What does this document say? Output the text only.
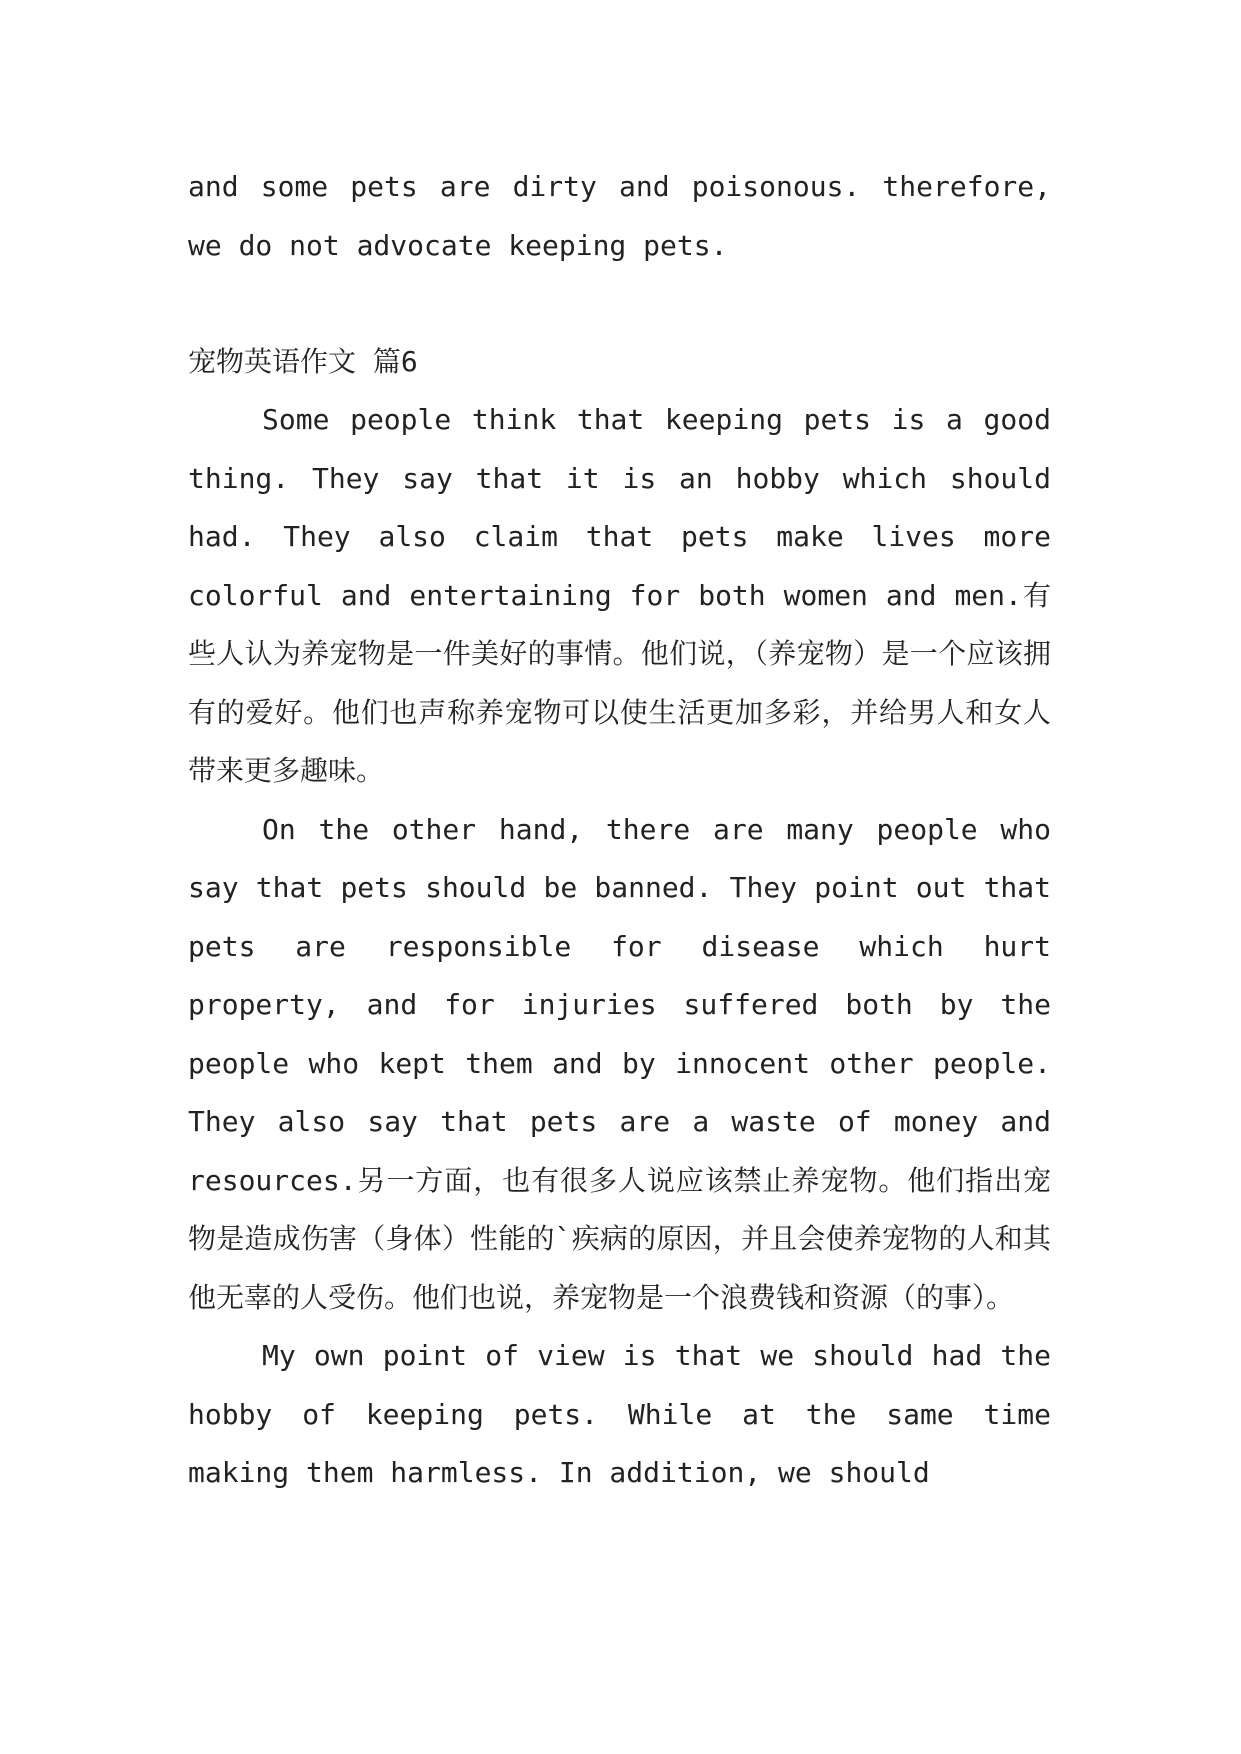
and some pets are dirty and poisonous. therefore, we do not advocate keeping pets.

宠物英语作文 篇6

Some people think that keeping pets is a good thing. They say that it is an hobby which should had. They also claim that pets make lives more colorful and entertaining for both women and men.有些人认为养宠物是一件美好的事情。他们说，（养宠物）是一个应该拥有的爱好。他们也声称养宠物可以使生活更加多彩，并给男人和女人带来更多趣味。

On the other hand, there are many people who say that pets should be banned. They point out that pets are responsible for disease which hurt property, and for injuries suffered both by the people who kept them and by innocent other people. They also say that pets are a waste of money and resources.另一方面，也有很多人说应该禁止养宠物。他们指出宠物是造成伤害（身体）性能的`疾病的原因，并且会使养宠物的人和其他无辜的人受伤。他们也说，养宠物是一个浪费钱和资源（的事）。

My own point of view is that we should had the hobby of keeping pets. While at the same time making them harmless. In addition, we should
